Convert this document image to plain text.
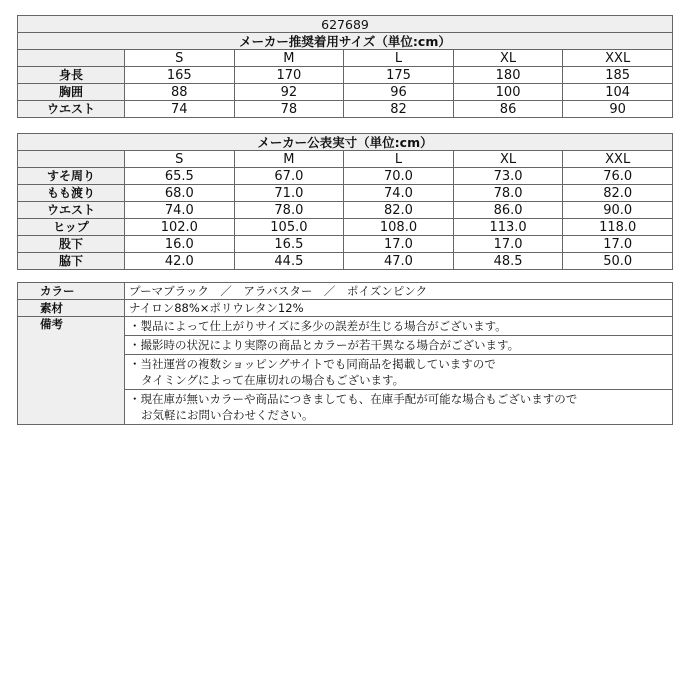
627689					
メーカー推奨着用サイズ（単位:cm）					
	S	M	L	XL	XXL
身長	165	170	175	180	185
胸囲	88	92	96	100	104
ウエスト	74	78	82	86	90
メーカー公表実寸（単位:cm）					
	S	M	L	XL	XXL
すそ周り	65.5	67.0	70.0	73.0	76.0
もも渡り	68.0	71.0	74.0	78.0	82.0
ウエスト	74.0	78.0	82.0	86.0	90.0
ヒップ	102.0	105.0	108.0	113.0	118.0
股下	16.0	16.5	17.0	17.0	17.0
脇下	42.0	44.5	47.0	48.5	50.0
カラー	プーマブラック　／　アラバスター　／　ポイズンピンク
素材	ナイロン88%×ポリウレタン12%
備考	・製品によって仕上がりサイズに多少の誤差が生じる場合がございます。

	・撮影時の状況により実際の商品とカラーが若干異なる場合がございます。

	・当社運営の複数ショッピングサイトでも同商品を掲載していますので
タイミングによって在庫切れの場合もございます。

	・現在庫が無いカラーや商品につきましても、在庫手配が可能な場合もございますので
お気軽にお問い合わせください。
